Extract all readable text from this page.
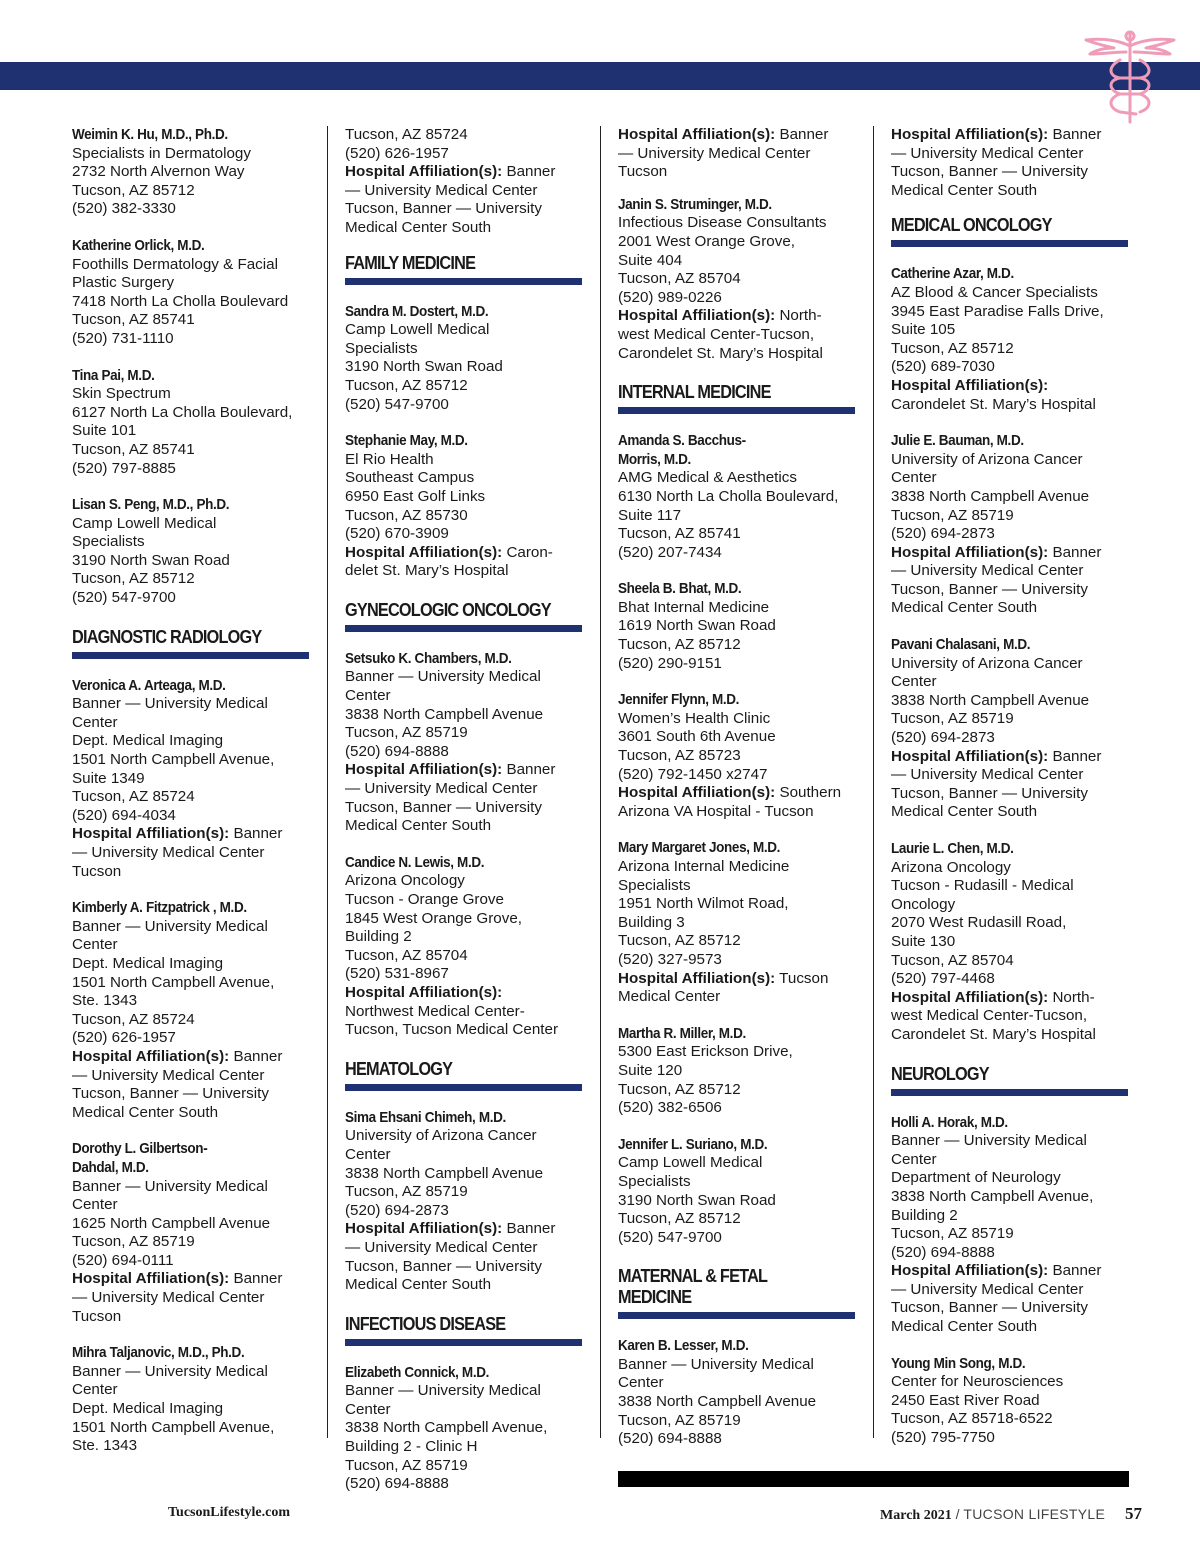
Weimin K. Hu, M.D., Ph.D.
Specialists in Dermatology
2732 North Alvernon Way
Tucson, AZ 85712
(520) 382-3330
Katherine Orlick, M.D.
Foothills Dermatology & Facial
Plastic Surgery
7418 North La Cholla Boulevard
Tucson, AZ 85741
(520) 731-1110
Tina Pai, M.D.
Skin Spectrum
6127 North La Cholla Boulevard,
Suite 101
Tucson, AZ 85741
(520) 797-8885
Lisan S. Peng, M.D., Ph.D.
Camp Lowell Medical
Specialists
3190 North Swan Road
Tucson, AZ 85712
(520) 547-9700
DIAGNOSTIC RADIOLOGY
Veronica A. Arteaga, M.D.
Banner — University Medical
Center
Dept. Medical Imaging
1501 North Campbell Avenue,
Suite 1349
Tucson, AZ 85724
(520) 694-4034
Hospital Affiliation(s): Banner
— University Medical Center
Tucson
Kimberly A. Fitzpatrick , M.D.
Banner — University Medical
Center
Dept. Medical Imaging
1501 North Campbell Avenue,
Ste. 1343
Tucson, AZ 85724
(520) 626-1957
Hospital Affiliation(s): Banner
— University Medical Center
Tucson, Banner — University
Medical Center South
Dorothy L. Gilbertson-
Dahdal, M.D.
Banner — University Medical
Center
1625 North Campbell Avenue
Tucson, AZ 85719
(520) 694-0111
Hospital Affiliation(s): Banner
— University Medical Center
Tucson
Mihra Taljanovic, M.D., Ph.D.
Banner — University Medical
Center
Dept. Medical Imaging
1501 North Campbell Avenue,
Ste. 1343
Tucson, AZ 85724
(520) 626-1957
Hospital Affiliation(s): Banner
— University Medical Center
Tucson, Banner — University
Medical Center South
FAMILY MEDICINE
Sandra M. Dostert, M.D.
Camp Lowell Medical
Specialists
3190 North Swan Road
Tucson, AZ 85712
(520) 547-9700
Stephanie May, M.D.
El Rio Health
Southeast Campus
6950 East Golf Links
Tucson, AZ 85730
(520) 670-3909
Hospital Affiliation(s): Caron-
delet St. Mary’s Hospital
GYNECOLOGIC ONCOLOGY
Setsuko K. Chambers, M.D.
Banner — University Medical
Center
3838 North Campbell Avenue
Tucson, AZ 85719
(520) 694-8888
Hospital Affiliation(s): Banner
— University Medical Center
Tucson, Banner — University
Medical Center South
Candice N. Lewis, M.D.
Arizona Oncology
Tucson - Orange Grove
1845 West Orange Grove,
Building 2
Tucson, AZ 85704
(520) 531-8967
Hospital Affiliation(s):
Northwest Medical Center-
Tucson, Tucson Medical Center
HEMATOLOGY
Sima Ehsani Chimeh, M.D.
University of Arizona Cancer
Center
3838 North Campbell Avenue
Tucson, AZ 85719
(520) 694-2873
Hospital Affiliation(s): Banner
— University Medical Center
Tucson, Banner — University
Medical Center South
INFECTIOUS DISEASE
Elizabeth Connick, M.D.
Banner — University Medical
Center
3838 North Campbell Avenue,
Building 2 - Clinic H
Tucson, AZ 85719
(520) 694-8888
Hospital Affiliation(s): Banner
— University Medical Center
Tucson
Janin S. Struminger, M.D.
Infectious Disease Consultants
2001 West Orange Grove,
Suite 404
Tucson, AZ 85704
(520) 989-0226
Hospital Affiliation(s): North-
west Medical Center-Tucson,
Carondelet St. Mary’s Hospital
INTERNAL MEDICINE
Amanda S. Bacchus-
Morris, M.D.
AMG Medical & Aesthetics
6130 North La Cholla Boulevard,
Suite 117
Tucson, AZ 85741
(520) 207-7434
Sheela B. Bhat, M.D.
Bhat Internal Medicine
1619 North Swan Road
Tucson, AZ 85712
(520) 290-9151
Jennifer Flynn, M.D.
Women’s Health Clinic
3601 South 6th Avenue
Tucson, AZ 85723
(520) 792-1450 x2747
Hospital Affiliation(s): Southern
Arizona VA Hospital - Tucson
Mary Margaret Jones, M.D.
Arizona Internal Medicine
Specialists
1951 North Wilmot Road,
Building 3
Tucson, AZ 85712
(520) 327-9573
Hospital Affiliation(s): Tucson
Medical Center
Martha R. Miller, M.D.
5300 East Erickson Drive,
Suite 120
Tucson, AZ 85712
(520) 382-6506
Jennifer L. Suriano, M.D.
Camp Lowell Medical
Specialists
3190 North Swan Road
Tucson, AZ 85712
(520) 547-9700
MATERNAL & FETAL
MEDICINE
Karen B. Lesser, M.D.
Banner — University Medical
Center
3838 North Campbell Avenue
Tucson, AZ 85719
(520) 694-8888
Hospital Affiliation(s): Banner
— University Medical Center
Tucson, Banner — University
Medical Center South
MEDICAL ONCOLOGY
Catherine Azar, M.D.
AZ Blood & Cancer Specialists
3945 East Paradise Falls Drive,
Suite 105
Tucson, AZ 85712
(520) 689-7030
Hospital Affiliation(s):
Carondelet St. Mary’s Hospital
Julie E. Bauman, M.D.
University of Arizona Cancer
Center
3838 North Campbell Avenue
Tucson, AZ 85719
(520) 694-2873
Hospital Affiliation(s): Banner
— University Medical Center
Tucson, Banner — University
Medical Center South
Pavani Chalasani, M.D.
University of Arizona Cancer
Center
3838 North Campbell Avenue
Tucson, AZ 85719
(520) 694-2873
Hospital Affiliation(s): Banner
— University Medical Center
Tucson, Banner — University
Medical Center South
Laurie L. Chen, M.D.
Arizona Oncology
Tucson - Rudasill - Medical
Oncology
2070 West Rudasill Road,
Suite 130
Tucson, AZ 85704
(520) 797-4468
Hospital Affiliation(s): North-
west Medical Center-Tucson,
Carondelet St. Mary’s Hospital
NEUROLOGY
Holli A. Horak, M.D.
Banner — University Medical
Center
Department of Neurology
3838 North Campbell Avenue,
Building 2
Tucson, AZ 85719
(520) 694-8888
Hospital Affiliation(s): Banner
— University Medical Center
Tucson, Banner — University
Medical Center South
Young Min Song, M.D.
Center for Neurosciences
2450 East River Road
Tucson, AZ 85718-6522
(520) 795-7750
TucsonLifestyle.com	March 2021 / TUCSON LIFESTYLE 57
